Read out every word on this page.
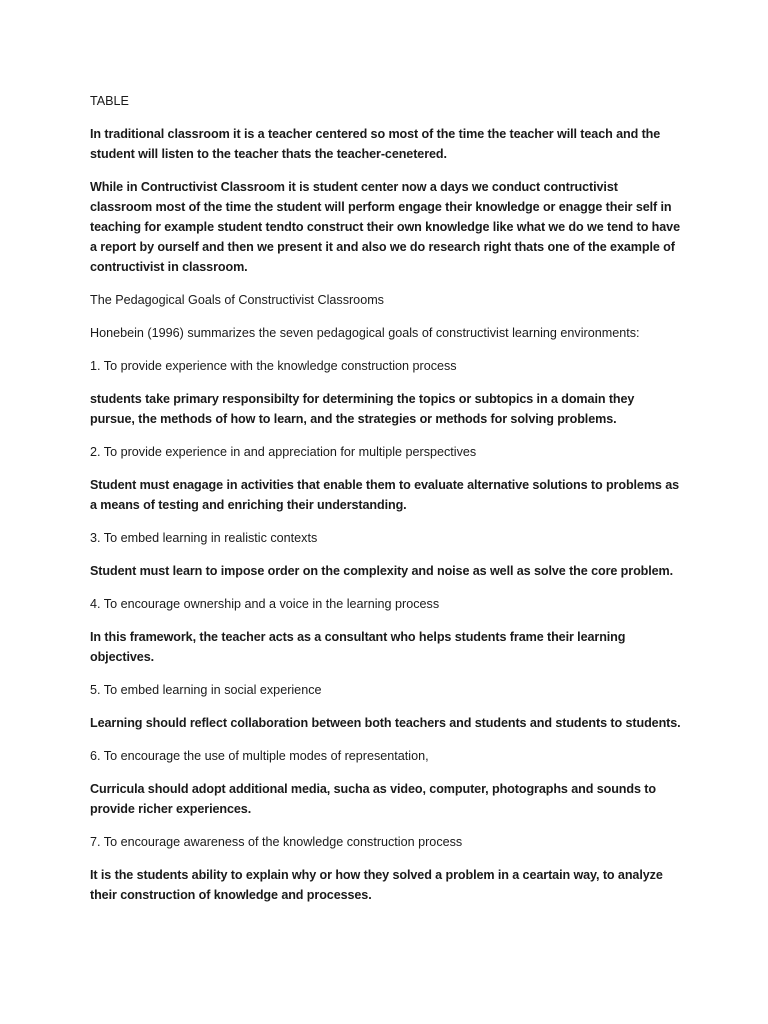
TABLE

In traditional classroom it is a teacher centered so most of the time the teacher will teach and the student will listen to the teacher thats the teacher-cenetered.

While in Contructivist Classroom it is student center now a days we conduct contructivist classroom most of the time the student will perform engage their knowledge or enagge their self in teaching for example student tendto construct their own knowledge like what we do we tend to have a report by ourself and then we present it and also we do research right thats one of the example of contructivist in classroom.

The Pedagogical Goals of Constructivist Classrooms

Honebein (1996) summarizes the seven pedagogical goals of constructivist learning environments:

1. To provide experience with the knowledge construction process

students take primary responsibilty for determining the topics or subtopics in a domain they pursue, the methods of how to learn, and the strategies or methods for solving problems.

2. To provide experience in and appreciation for multiple perspectives

Student must enagage in activities that enable them to evaluate alternative solutions to problems as a means of testing and enriching their understanding.

3. To embed learning in realistic contexts

Student must learn to impose order on the complexity and noise as well as solve the core problem.

4. To encourage ownership and a voice in the learning process

In this framework, the teacher acts as a consultant who helps students frame their learning objectives.

5. To embed learning in social experience

Learning should reflect collaboration between both teachers and students and students to students.

6. To encourage the use of multiple modes of representation,

Curricula should adopt additional media, sucha as video, computer, photographs and sounds to provide richer experiences.

7. To encourage awareness of the knowledge construction process

It is the students ability to explain why or how they solved a problem in a ceartain way, to analyze their construction of knowledge and processes.
